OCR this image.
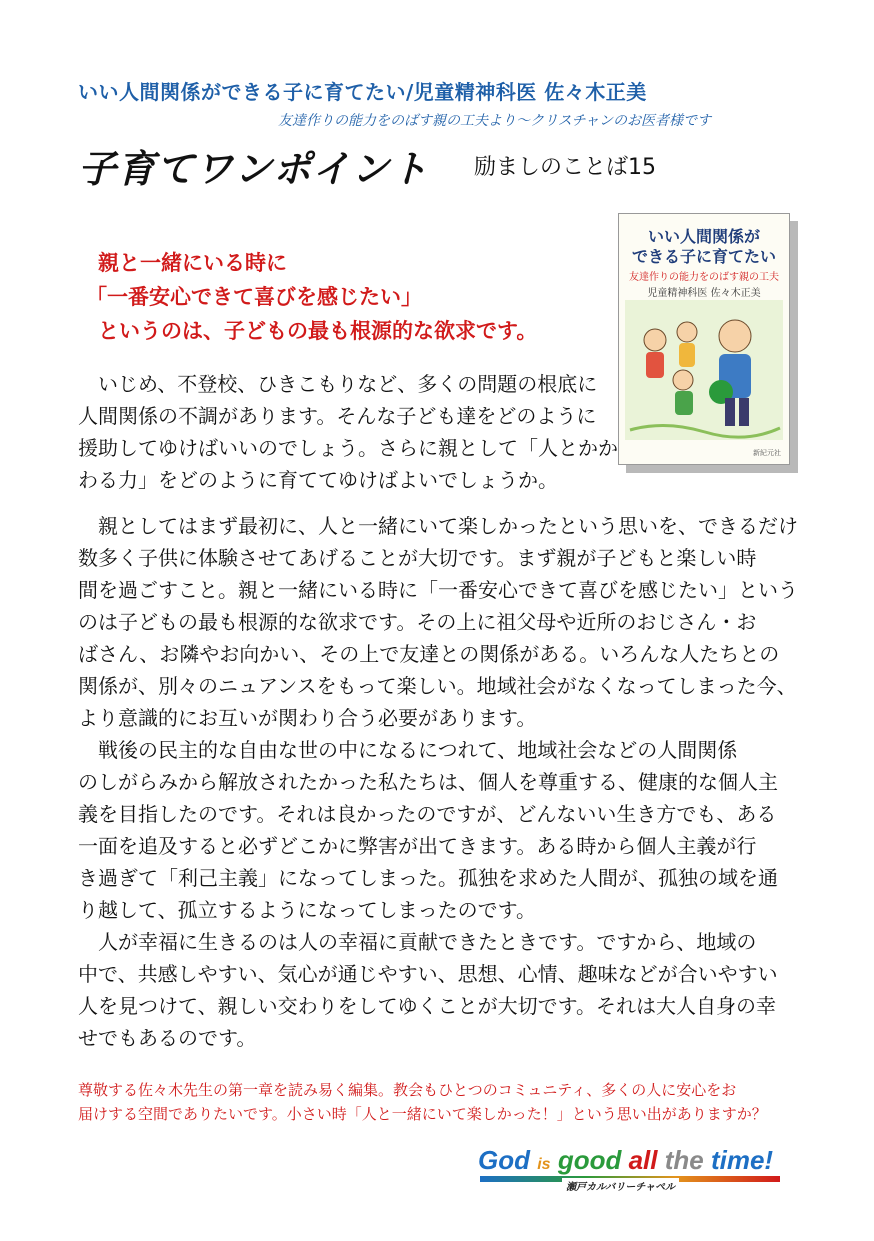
いい人間関係ができる子に育てたい/児童精神科医 佐々木正美
友達作りの能力をのばす親の工夫より～クリスチャンのお医者様です
子育てワンポイント 励ましのことば15
親と一緒にいる時に
「一番安心できて喜びを感じたい」
というのは、子どもの最も根源的な欲求です。
いい人間関係が
できる子に育てたい
友達作りの能力をのばす親の工夫
児童精神科医 佐々木正美
新紀元社
　いじめ、不登校、ひきこもりなど、多くの問題の根底に
人間関係の不調があります。そんな子ども達をどのように
援助してゆけばいいのでしょう。さらに親として「人とかか
わる力」をどのように育ててゆけばよいでしょうか。
　親としてはまず最初に、人と一緒にいて楽しかったという思いを、できるだけ
数多く子供に体験させてあげることが大切です。まず親が子どもと楽しい時
間を過ごすこと。親と一緒にいる時に「一番安心できて喜びを感じたい」という
のは子どもの最も根源的な欲求です。その上に祖父母や近所のおじさん・お
ばさん、お隣やお向かい、その上で友達との関係がある。いろんな人たちとの
関係が、別々のニュアンスをもって楽しい。地域社会がなくなってしまった今、
より意識的にお互いが関わり合う必要があります。
　戦後の民主的な自由な世の中になるにつれて、地域社会などの人間関係
のしがらみから解放されたかった私たちは、個人を尊重する、健康的な個人主
義を目指したのです。それは良かったのですが、どんないい生き方でも、ある
一面を追及すると必ずどこかに弊害が出てきます。ある時から個人主義が行
き過ぎて「利己主義」になってしまった。孤独を求めた人間が、孤独の域を通
り越して、孤立するようになってしまったのです。
　人が幸福に生きるのは人の幸福に貢献できたときです。ですから、地域の
中で、共感しやすい、気心が通じやすい、思想、心情、趣味などが合いやすい
人を見つけて、親しい交わりをしてゆくことが大切です。それは大人自身の幸
せでもあるのです。
尊敬する佐々木先生の第一章を読み易く編集。教会もひとつのコミュニティ、多くの人に安心をお
届けする空間でありたいです。小さい時「人と一緒にいて楽しかった！」という思い出がありますか？
God is good all the time!
瀬戸カルバリーチャペル
